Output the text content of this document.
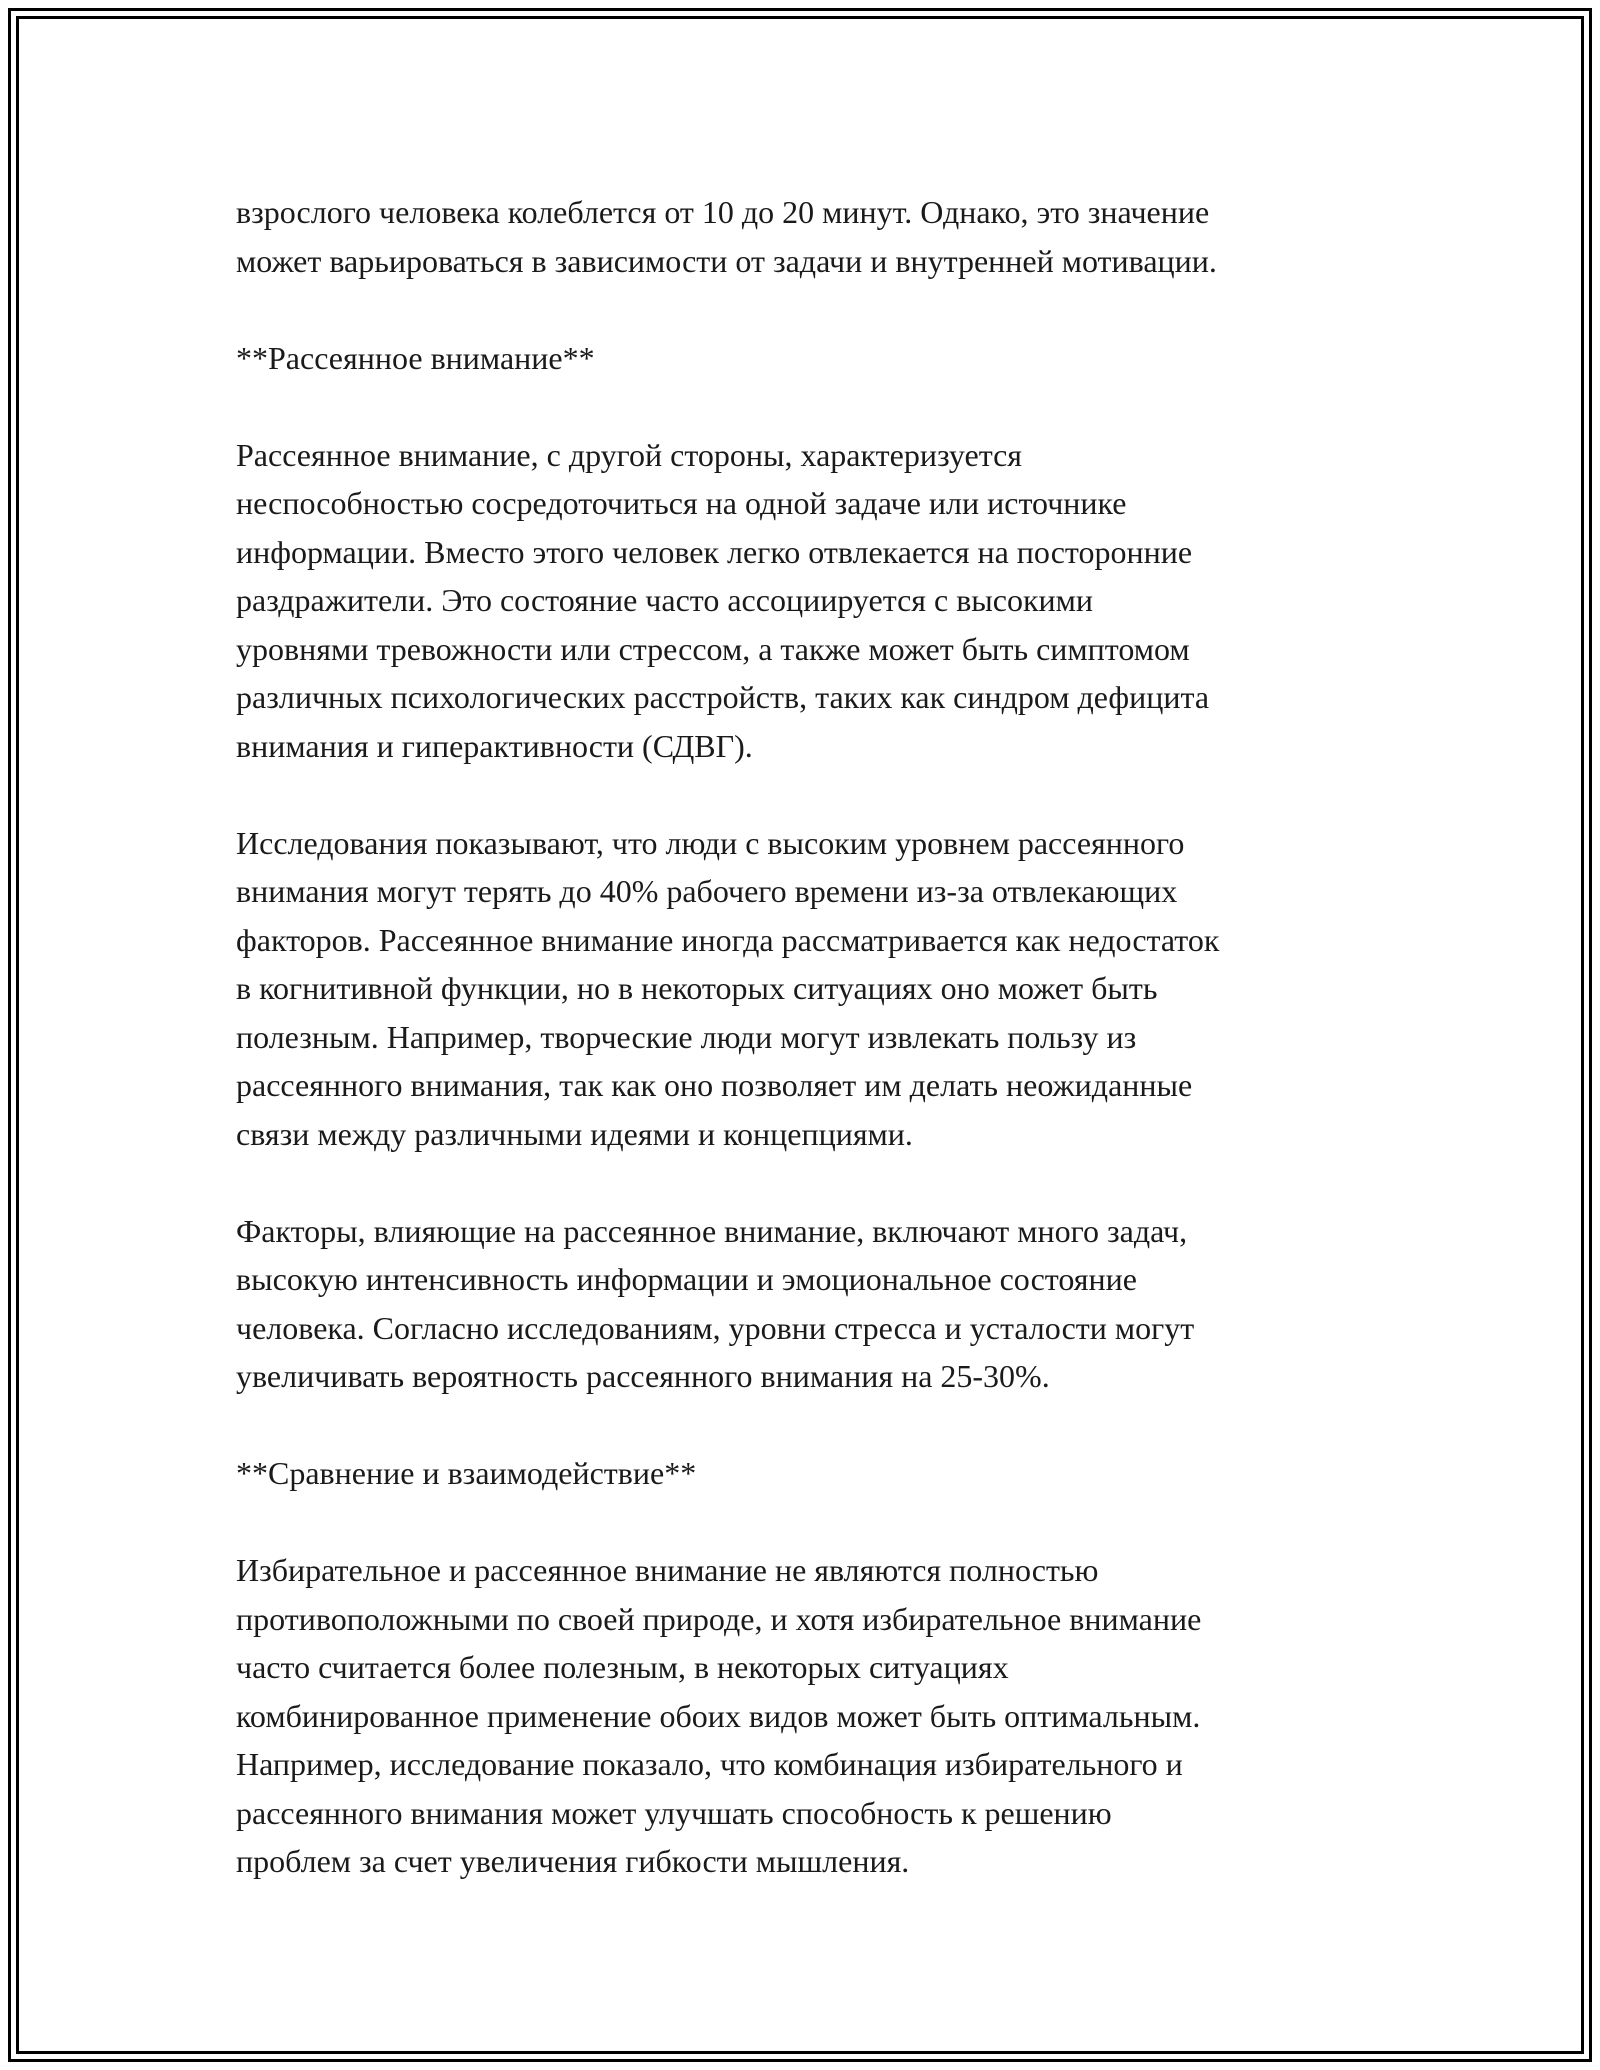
взрослого человека колеблется от 10 до 20 минут. Однако, это значение
может варьироваться в зависимости от задачи и внутренней мотивации.

**Рассеянное внимание**

Рассеянное внимание, с другой стороны, характеризуется
неспособностью сосредоточиться на одной задаче или источнике
информации. Вместо этого человек легко отвлекается на посторонние
раздражители. Это состояние часто ассоциируется с высокими
уровнями тревожности или стрессом, а также может быть симптомом
различных психологических расстройств, таких как синдром дефицита
внимания и гиперактивности (СДВГ).

Исследования показывают, что люди с высоким уровнем рассеянного
внимания могут терять до 40% рабочего времени из-за отвлекающих
факторов. Рассеянное внимание иногда рассматривается как недостаток
в когнитивной функции, но в некоторых ситуациях оно может быть
полезным. Например, творческие люди могут извлекать пользу из
рассеянного внимания, так как оно позволяет им делать неожиданные
связи между различными идеями и концепциями.

Факторы, влияющие на рассеянное внимание, включают много задач,
высокую интенсивность информации и эмоциональное состояние
человека. Согласно исследованиям, уровни стресса и усталости могут
увеличивать вероятность рассеянного внимания на 25-30%.

**Сравнение и взаимодействие**

Избирательное и рассеянное внимание не являются полностью
противоположными по своей природе, и хотя избирательное внимание
часто считается более полезным, в некоторых ситуациях
комбинированное применение обоих видов может быть оптимальным.
Например, исследование показало, что комбинация избирательного и
рассеянного внимания может улучшать способность к решению
проблем за счет увеличения гибкости мышления.
